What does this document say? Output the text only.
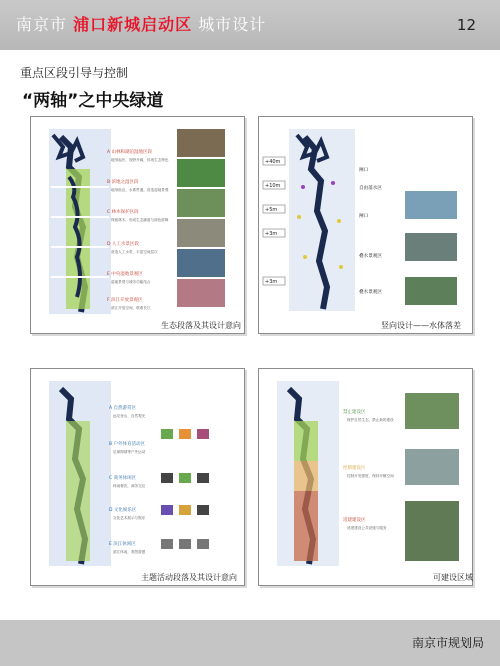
南京市 浦口新城启动区 城市设计	12
重点区段引导与控制
“两轴”之中央绿道
A 山林和湖泊湿地区段
B 滨地之湿区段
C 林木保护区段
D 人工水景区段
E 中央湿地景观区
F 滨江开放景观区
地形起伏，视野开阔，体现生态特色
地形低洼，水系贯通，营造湿地景观
保留林木，形成生态廊道与绿色屏障
营造人工水景，丰富空间层次
湿地景观与城市功能结合
滨江开放空间，联系长江
生态段落及其设计意向
+40m
+10m
+5m
+3m
+3m
闸口
自由落水区
闸口
叠水景观区
叠水景观区
竖向设计——水体落差
A 自然游赏区
B 户外体育活动区
C 商务休闲区
D 文化娱乐区
E 滨江休闲区
远足登山，自然观光
足球网球等户外运动
休闲餐饮，商务交往
文化艺术展示与娱乐
滨江休闲，观景游憩
主题活动段落及其设计意向
禁止建设区
控制建设区
适建建设区
保护自然生态，禁止新的建设
控制开发强度，保持开敞空间
适度建设公共设施与服务
可建设区域
南京市规划局
